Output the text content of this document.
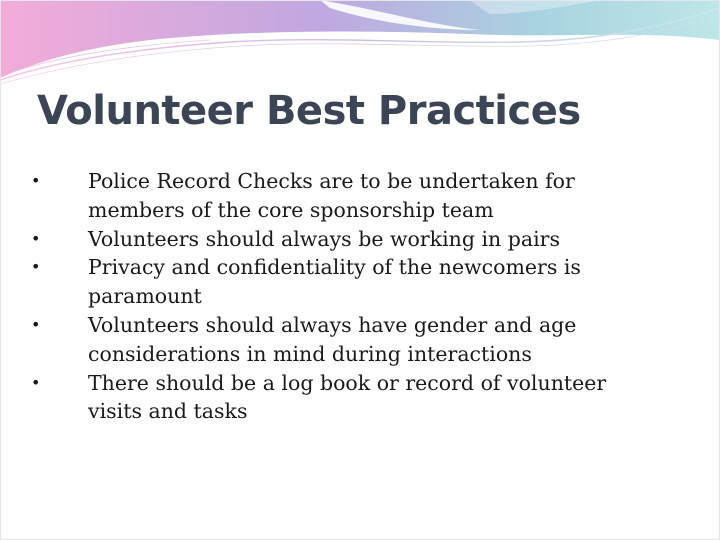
Volunteer Best Practices
•	Police Record Checks are to be undertaken for members of the core sponsorship team
•	Volunteers should always be working in pairs
•	Privacy and confidentiality of the newcomers is paramount
•	Volunteers should always have gender and age considerations in mind during interactions
•	There should be a log book or record of volunteer visits and tasks
